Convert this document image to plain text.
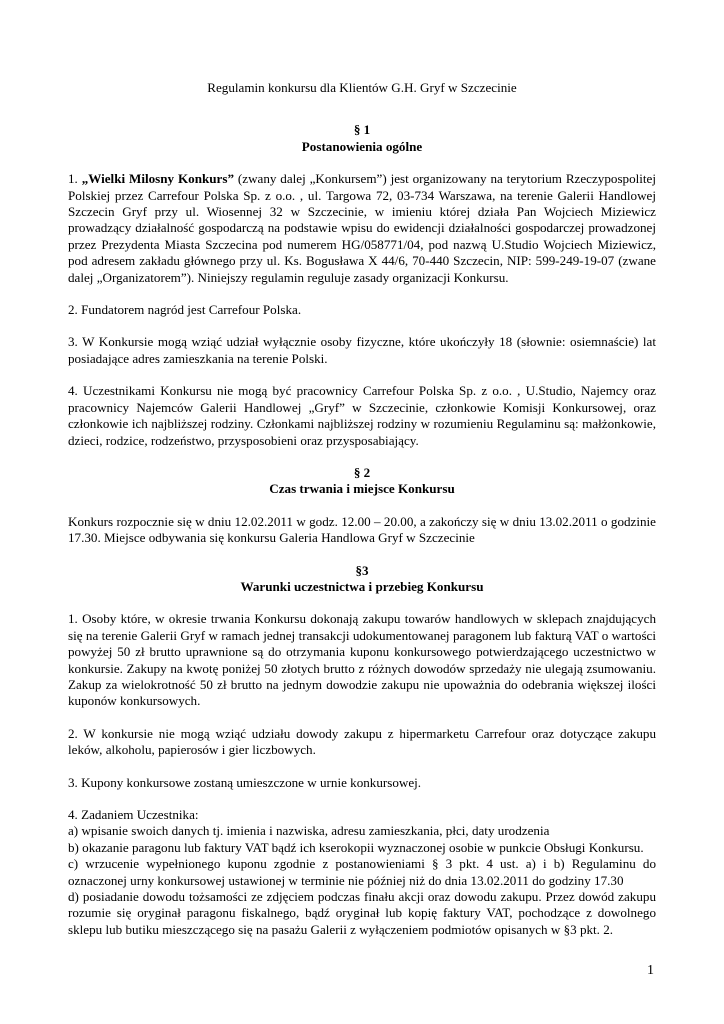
Regulamin konkursu dla Klientów G.H. Gryf w Szczecinie
§ 1
Postanowienia ogólne

1. „Wielki Milosny Konkurs” (zwany dalej „Konkursem”) jest organizowany na terytorium Rzeczypospolitej Polskiej przez Carrefour Polska Sp. z o.o. , ul. Targowa 72, 03-734 Warszawa, na terenie Galerii Handlowej Szczecin Gryf przy ul. Wiosennej 32 w Szczecinie, w imieniu której działa Pan Wojciech Miziewicz prowadzący działalność gospodarczą na podstawie wpisu do ewidencji działalności gospodarczej prowadzonej przez Prezydenta Miasta Szczecina pod numerem HG/058771/04, pod nazwą U.Studio Wojciech Miziewicz, pod adresem zakładu głównego przy ul. Ks. Bogusława X 44/6, 70-440 Szczecin, NIP: 599-249-19-07 (zwane dalej „Organizatorem”). Niniejszy regulamin reguluje zasady organizacji Konkursu.

2. Fundatorem nagród jest Carrefour Polska.

3. W Konkursie mogą wziąć udział wyłącznie osoby fizyczne, które ukończyły 18 (słownie: osiemnaście) lat posiadające adres zamieszkania na terenie Polski.

4. Uczestnikami Konkursu nie mogą być pracownicy Carrefour Polska Sp. z o.o. , U.Studio, Najemcy oraz pracownicy Najemców Galerii Handlowej „Gryf” w Szczecinie, członkowie Komisji Konkursowej, oraz członkowie ich najbliższej rodziny. Członkami najbliższej rodziny w rozumieniu Regulaminu są: małżonkowie, dzieci, rodzice, rodzeństwo, przysposobieni oraz przysposabiający.

§ 2
Czas trwania i miejsce Konkursu

Konkurs rozpocznie się w dniu 12.02.2011 w godz. 12.00 – 20.00, a zakończy się w dniu 13.02.2011 o godzinie 17.30. Miejsce odbywania się konkursu Galeria Handlowa Gryf w Szczecinie

§3
Warunki uczestnictwa i przebieg Konkursu

1. Osoby które, w okresie trwania Konkursu dokonają zakupu towarów handlowych w sklepach znajdujących się na terenie Galerii Gryf w ramach jednej transakcji udokumentowanej paragonem lub fakturą VAT o wartości powyżej 50 zł brutto uprawnione są do otrzymania kuponu konkursowego potwierdzającego uczestnictwo w konkursie. Zakupy na kwotę poniżej 50 złotych brutto z różnych dowodów sprzedaży nie ulegają zsumowaniu. Zakup za wielokrotność 50 zł brutto na jednym dowodzie zakupu nie upoważnia do odebrania większej ilości kuponów konkursowych.

2. W konkursie nie mogą wziąć udziału dowody zakupu z hipermarketu Carrefour oraz dotyczące zakupu leków, alkoholu, papierosów i gier liczbowych.

3. Kupony konkursowe zostaną umieszczone w urnie konkursowej.

4. Zadaniem Uczestnika:

a) wpisanie swoich danych tj. imienia i nazwiska, adresu zamieszkania, płci, daty urodzenia

b) okazanie paragonu lub faktury VAT bądź ich kserokopii wyznaczonej osobie w punkcie Obsługi Konkursu.

c) wrzucenie wypełnionego kuponu zgodnie z postanowieniami § 3 pkt. 4 ust. a) i b) Regulaminu do oznaczonej urny konkursowej ustawionej w terminie nie później niż do dnia 13.02.2011 do godziny 17.30

d) posiadanie dowodu tożsamości ze zdjęciem podczas finału akcji oraz dowodu zakupu. Przez dowód zakupu rozumie się oryginał paragonu fiskalnego, bądź oryginał lub kopię faktury VAT, pochodzące z dowolnego sklepu lub butiku mieszczącego się na pasażu Galerii z wyłączeniem podmiotów opisanych w §3 pkt. 2.

1
